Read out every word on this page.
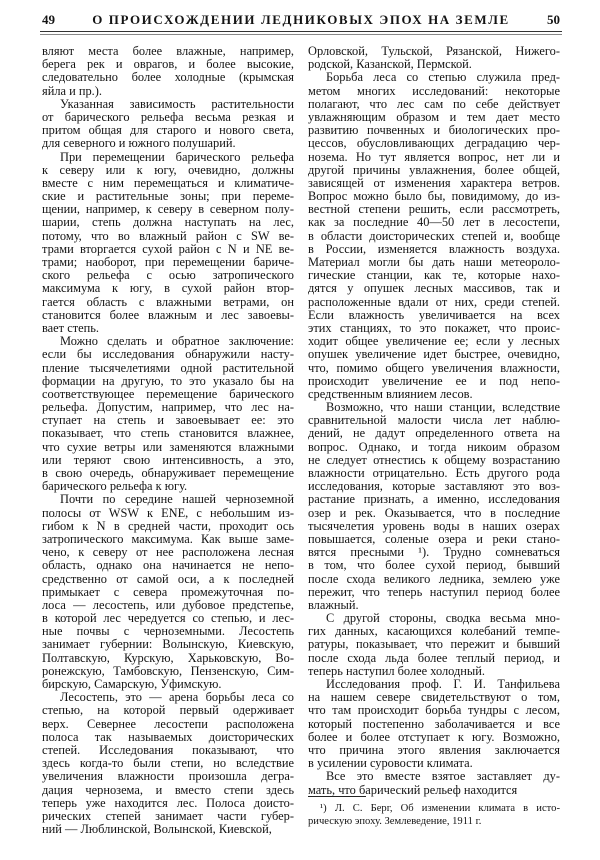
49	О ПРОИСХОЖДЕНИИ ЛЕДНИКОВЫХ ЭПОХ НА ЗЕМЛЕ	50
вляют места более влажные, например,
берега рек и оврагов, и более высокие,
следовательно более холодные (крымская
яйла и пр.).
Указанная зависимость растительности
от барического рельефа весьма резкая и
притом общая для старого и нового света,
для северного и южного полушарий.
При перемещении барического рельефа
к северу или к югу, очевидно, должны
вместе с ним перемещаться и климатиче-
ские и растительные зоны; при переме-
щении, например, к северу в северном полу-
шарии, степь должна наступать на лес,
потому, что во влажный район с SW ве-
трами вторгается сухой район с N и NE ве-
трами; наоборот, при перемещении бариче-
ского рельефа с осью затропического
максимума к югу, в сухой район втор-
гается область с влажными ветрами, он
становится более влажным и лес завоевы-
вает степь.
Можно сделать и обратное заключение:
если бы исследования обнаружили насту-
пление тысячелетиями одной растительной
формации на другую, то это указало бы на
соответствующее перемещение барического
рельефа. Допустим, например, что лес на-
ступает на степь и завоевывает ее: это
показывает, что степь становится влажнее,
что сухие ветры или заменяются влажными
или теряют свою интенсивность, а это,
в свою очередь, обнаруживает перемещение
барического рельефа к югу.
Почти по середине нашей черноземной
полосы от WSW к ENE, с небольшим из-
гибом к N в средней части, проходит ось
затропического максимума. Как выше заме-
чено, к северу от нее расположена лесная
область, однако она начинается не непо-
средственно от самой оси, а к последней
примыкает с севера промежуточная по-
лоса — лесостепь, или дубовое предстепье,
в которой лес чередуется со степью, и лес-
ные почвы с черноземными. Лесостепь
занимает губернии: Волынскую, Киевскую,
Полтавскую, Курскую, Харьковскую, Во-
ронежскую, Тамбовскую, Пензенскую, Сим-
бирскую, Самарскую, Уфимскую.
Лесостепь, это — арена борьбы леса со
степью, на которой первый одерживает
верх. Севернее лесостепи расположена
полоса так называемых доисторических
степей. Исследования показывают, что
здесь когда-то были степи, но вследствие
увеличения влажности произошла дегра-
дация чернозема, и вместо степи здесь
теперь уже находится лес. Полоса доисто-
рических степей занимает части губер-
ний — Люблинской, Волынской, Киевской,
Орловской, Тульской, Рязанской, Нижего-
родской, Казанской, Пермской.
Борьба леса со степью служила пред-
метом многих исследований: некоторые
полагают, что лес сам по себе действует
увлажняющим образом и тем дает место
развитию почвенных и биологических про-
цессов, обусловливающих деградацию чер-
нозема. Но тут является вопрос, нет ли и
другой причины увлажнения, более общей,
зависящей от изменения характера ветров.
Вопрос можно было бы, повидимому, до из-
вестной степени решить, если рассмотреть,
как за последние 40—50 лет в лесостепи,
в области доисторических степей и, вообще
в России, изменяется влажность воздуха.
Материал могли бы дать наши метеороло-
гические станции, как те, которые нахо-
дятся у опушек лесных массивов, так и
расположенные вдали от них, среди степей.
Если влажность увеличивается на всех
этих станциях, то это покажет, что проис-
ходит общее увеличение ее; если у лесных
опушек увеличение идет быстрее, очевидно,
что, помимо общего увеличения влажности,
происходит увеличение ее и под непо-
средственным влиянием лесов.
Возможно, что наши станции, вследствие
сравнительной малости числа лет наблю-
дений, не дадут определенного ответа на
вопрос. Однако, и тогда никоим образом
не следует отнестись к общему возрастанию
влажности отрицательно. Есть другого рода
исследования, которые заставляют это воз-
растание признать, а именно, исследования
озер и рек. Оказывается, что в последние
тысячелетия уровень воды в наших озерах
повышается, соленые озера и реки стано-
вятся пресными ¹). Трудно сомневаться
в том, что более сухой период, бывший
после схода великого ледника, землею уже
пережит, что теперь наступил период более
влажный.
С другой стороны, сводка весьма мно-
гих данных, касающихся колебаний темпе-
ратуры, показывает, что пережит и бывший
после схода льда более теплый период, и
теперь наступил более холодный.
Исследования проф. Г. И. Танфильева
на нашем севере свидетельствуют о том,
что там происходит борьба тундры с лесом,
который постепенно заболачивается и все
более и более отступает к югу. Возможно,
что причина этого явления заключается
в усилении суровости климата.
Все это вместе взятое заставляет ду-
мать, что барический рельеф находится
¹) Л. С. Берг, Об изменении климата в исто-
рическую эпоху. Землеведение, 1911 г.
